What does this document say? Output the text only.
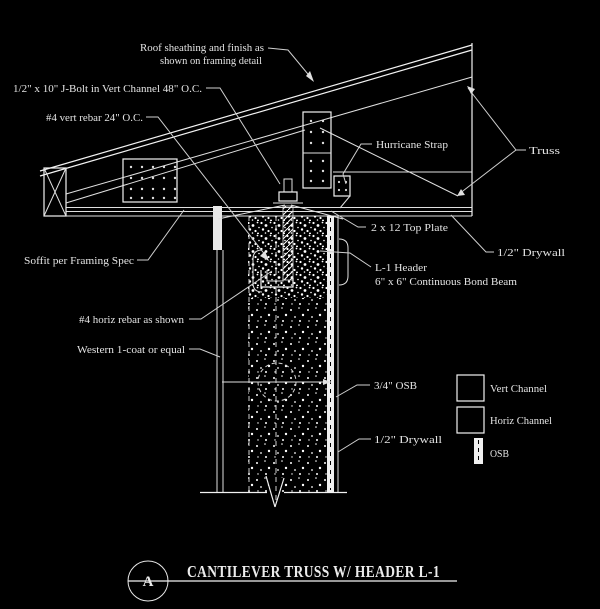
Roof sheathing and finish as
shown on framing detail
1/2" x 10" J-Bolt in Vert Channel 48" O.C.
#4 vert rebar 24" O.C.
Hurricane Strap	Truss
2 x 12 Top Plate
1/2" Drywall
Soffit per Framing Spec
L-1 Header
6" x 6" Continuous Bond Beam
#4 horiz rebar as shown
Western 1-coat or equal
3/4" OSB
1/2" Drywall
Vert Channel
Horiz Channel
OSB
A
CANTILEVER TRUSS W/ HEADER L-1
